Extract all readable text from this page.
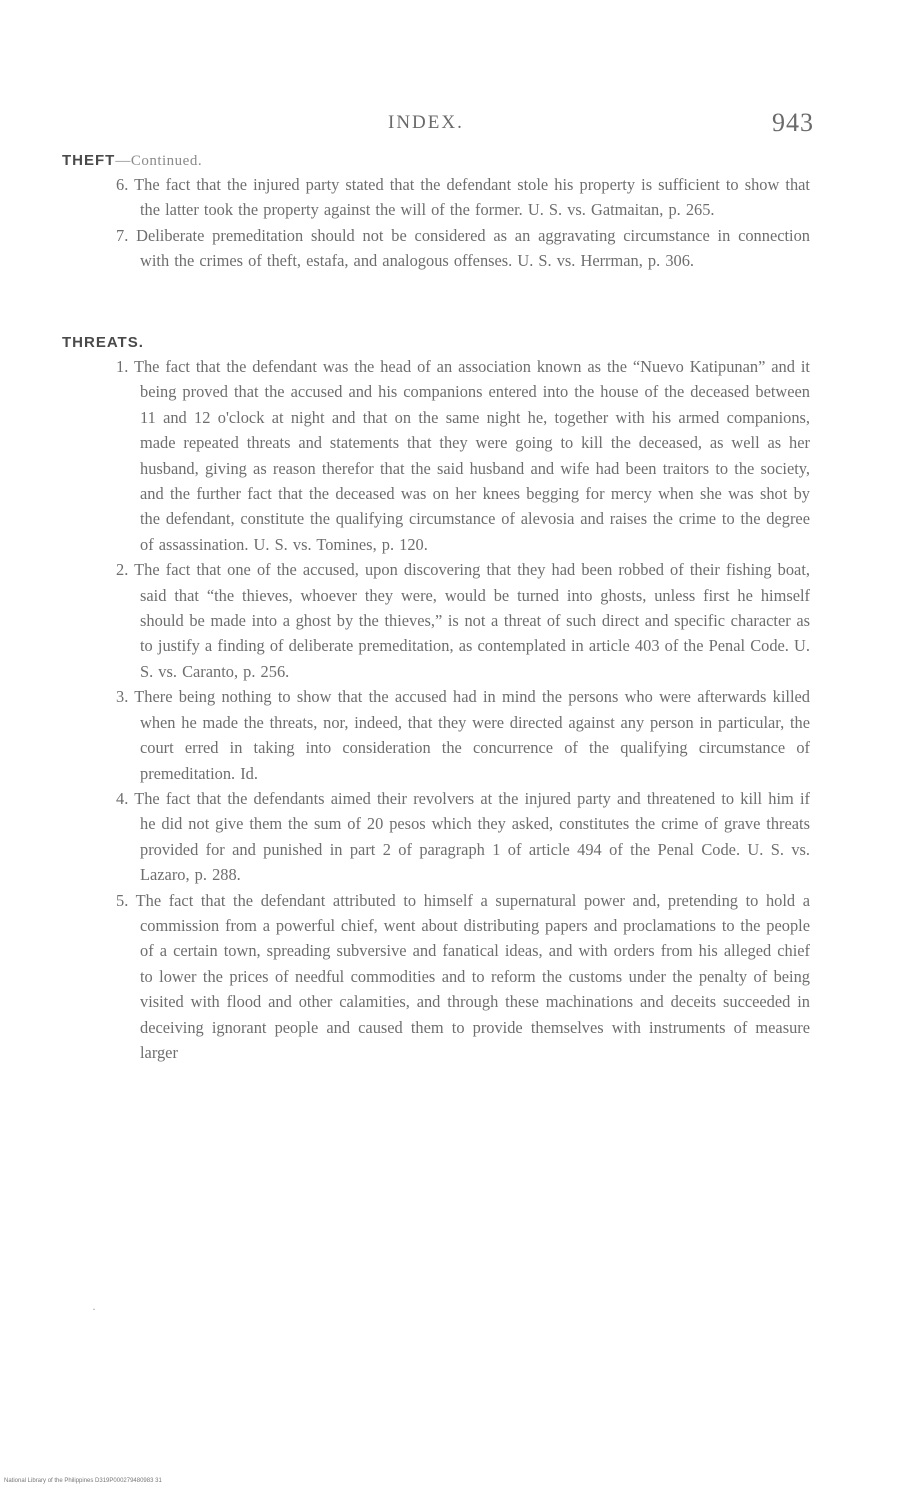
INDEX.	943

THEFT—Continued.

6. The fact that the injured party stated that the defendant stole his property is sufficient to show that the latter took the property against the will of the former. U. S. vs. Gatmaitan, p. 265.

7. Deliberate premeditation should not be considered as an aggravating circumstance in connection with the crimes of theft, estafa, and analogous offenses. U. S. vs. Herrman, p. 306.

THREATS.

1. The fact that the defendant was the head of an association known as the “Nuevo Katipunan” and it being proved that the accused and his companions entered into the house of the deceased between 11 and 12 o'clock at night and that on the same night he, together with his armed companions, made repeated threats and statements that they were going to kill the deceased, as well as her husband, giving as reason therefor that the said husband and wife had been traitors to the society, and the further fact that the deceased was on her knees begging for mercy when she was shot by the defendant, constitute the qualifying circumstance of alevosia and raises the crime to the degree of assassination. U. S. vs. Tomines, p. 120.

2. The fact that one of the accused, upon discovering that they had been robbed of their fishing boat, said that “the thieves, whoever they were, would be turned into ghosts, unless first he himself should be made into a ghost by the thieves,” is not a threat of such direct and specific character as to justify a finding of deliberate premeditation, as contemplated in article 403 of the Penal Code. U. S. vs. Caranto, p. 256.

3. There being nothing to show that the accused had in mind the persons who were afterwards killed when he made the threats, nor, indeed, that they were directed against any person in particular, the court erred in taking into consideration the concurrence of the qualifying circumstance of premeditation. Id.

4. The fact that the defendants aimed their revolvers at the injured party and threatened to kill him if he did not give them the sum of 20 pesos which they asked, constitutes the crime of grave threats provided for and punished in part 2 of paragraph 1 of article 494 of the Penal Code. U. S. vs. Lazaro, p. 288.

5. The fact that the defendant attributed to himself a supernatural power and, pretending to hold a commission from a powerful chief, went about distributing papers and proclamations to the people of a certain town, spreading subversive and fanatical ideas, and with orders from his alleged chief to lower the prices of needful commodities and to reform the customs under the penalty of being visited with flood and other calamities, and through these machinations and deceits succeeded in deceiving ignorant people and caused them to provide themselves with instruments of measure larger

·
National Library of the Philippines D319P000279480983 31
